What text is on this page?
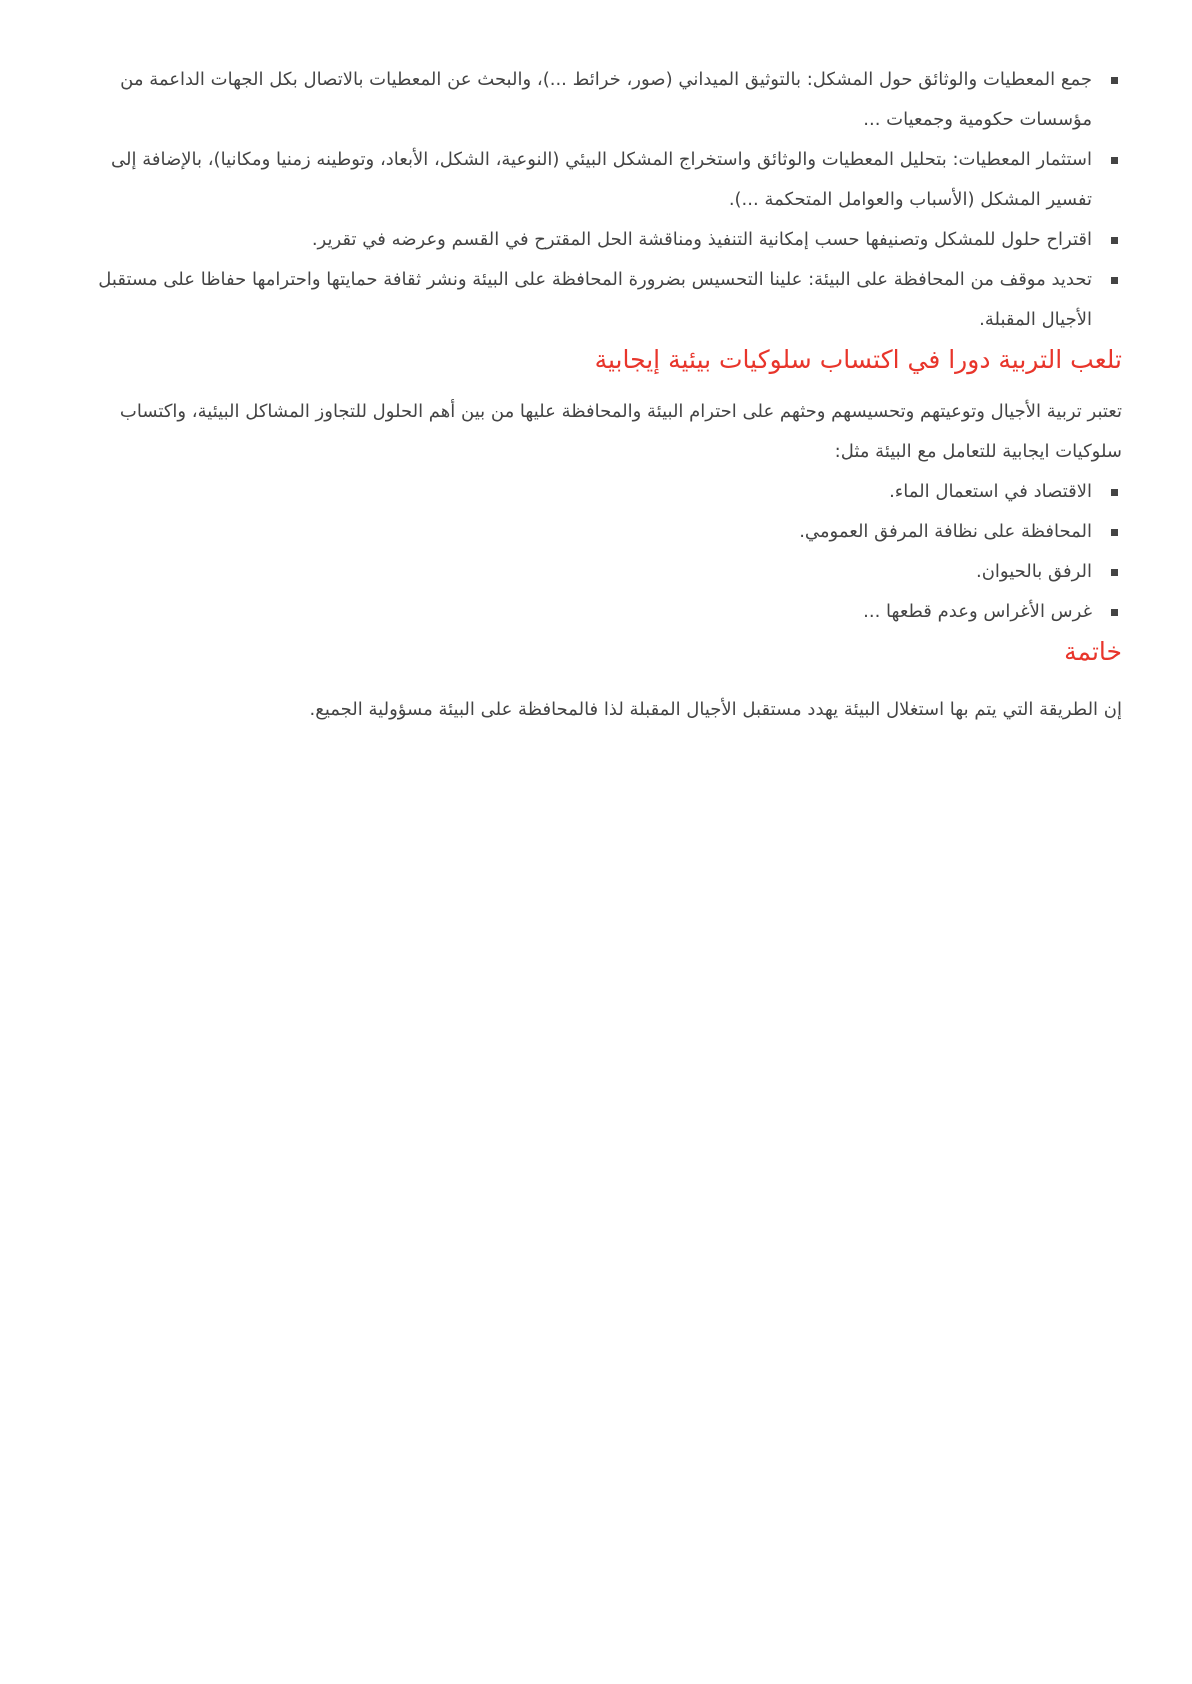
جمع المعطيات والوثائق حول المشكل: بالتوثيق الميداني (صور، خرائط ...)، والبحث عن المعطيات بالاتصال بكل الجهات الداعمة من مؤسسات حكومية وجمعيات ...
استثمار المعطيات: بتحليل المعطيات والوثائق واستخراج المشكل البيئي (النوعية، الشكل، الأبعاد، وتوطينه زمنيا ومكانيا)، بالإضافة إلى تفسير المشكل (الأسباب والعوامل المتحكمة ...).
اقتراح حلول للمشكل وتصنيفها حسب إمكانية التنفيذ ومناقشة الحل المقترح في القسم وعرضه في تقرير.
تحديد موقف من المحافظة على البيئة: علينا التحسيس بضرورة المحافظة على البيئة ونشر ثقافة حمايتها واحترامها حفاظا على مستقبل الأجيال المقبلة.
تلعب التربية دورا في اكتساب سلوكيات بيئية إيجابية

تعتبر تربية الأجيال وتوعيتهم وتحسيسهم وحثهم على احترام البيئة والمحافظة عليها من بين أهم الحلول للتجاوز المشاكل البيئية، واكتساب سلوكيات ايجابية للتعامل مع البيئة مثل:

الاقتصاد في استعمال الماء.
المحافظة على نظافة المرفق العمومي.
الرفق بالحيوان.
غرس الأغراس وعدم قطعها ...
خاتمة

إن الطريقة التي يتم بها استغلال البيئة يهدد مستقبل الأجيال المقبلة لذا فالمحافظة على البيئة مسؤولية الجميع.
